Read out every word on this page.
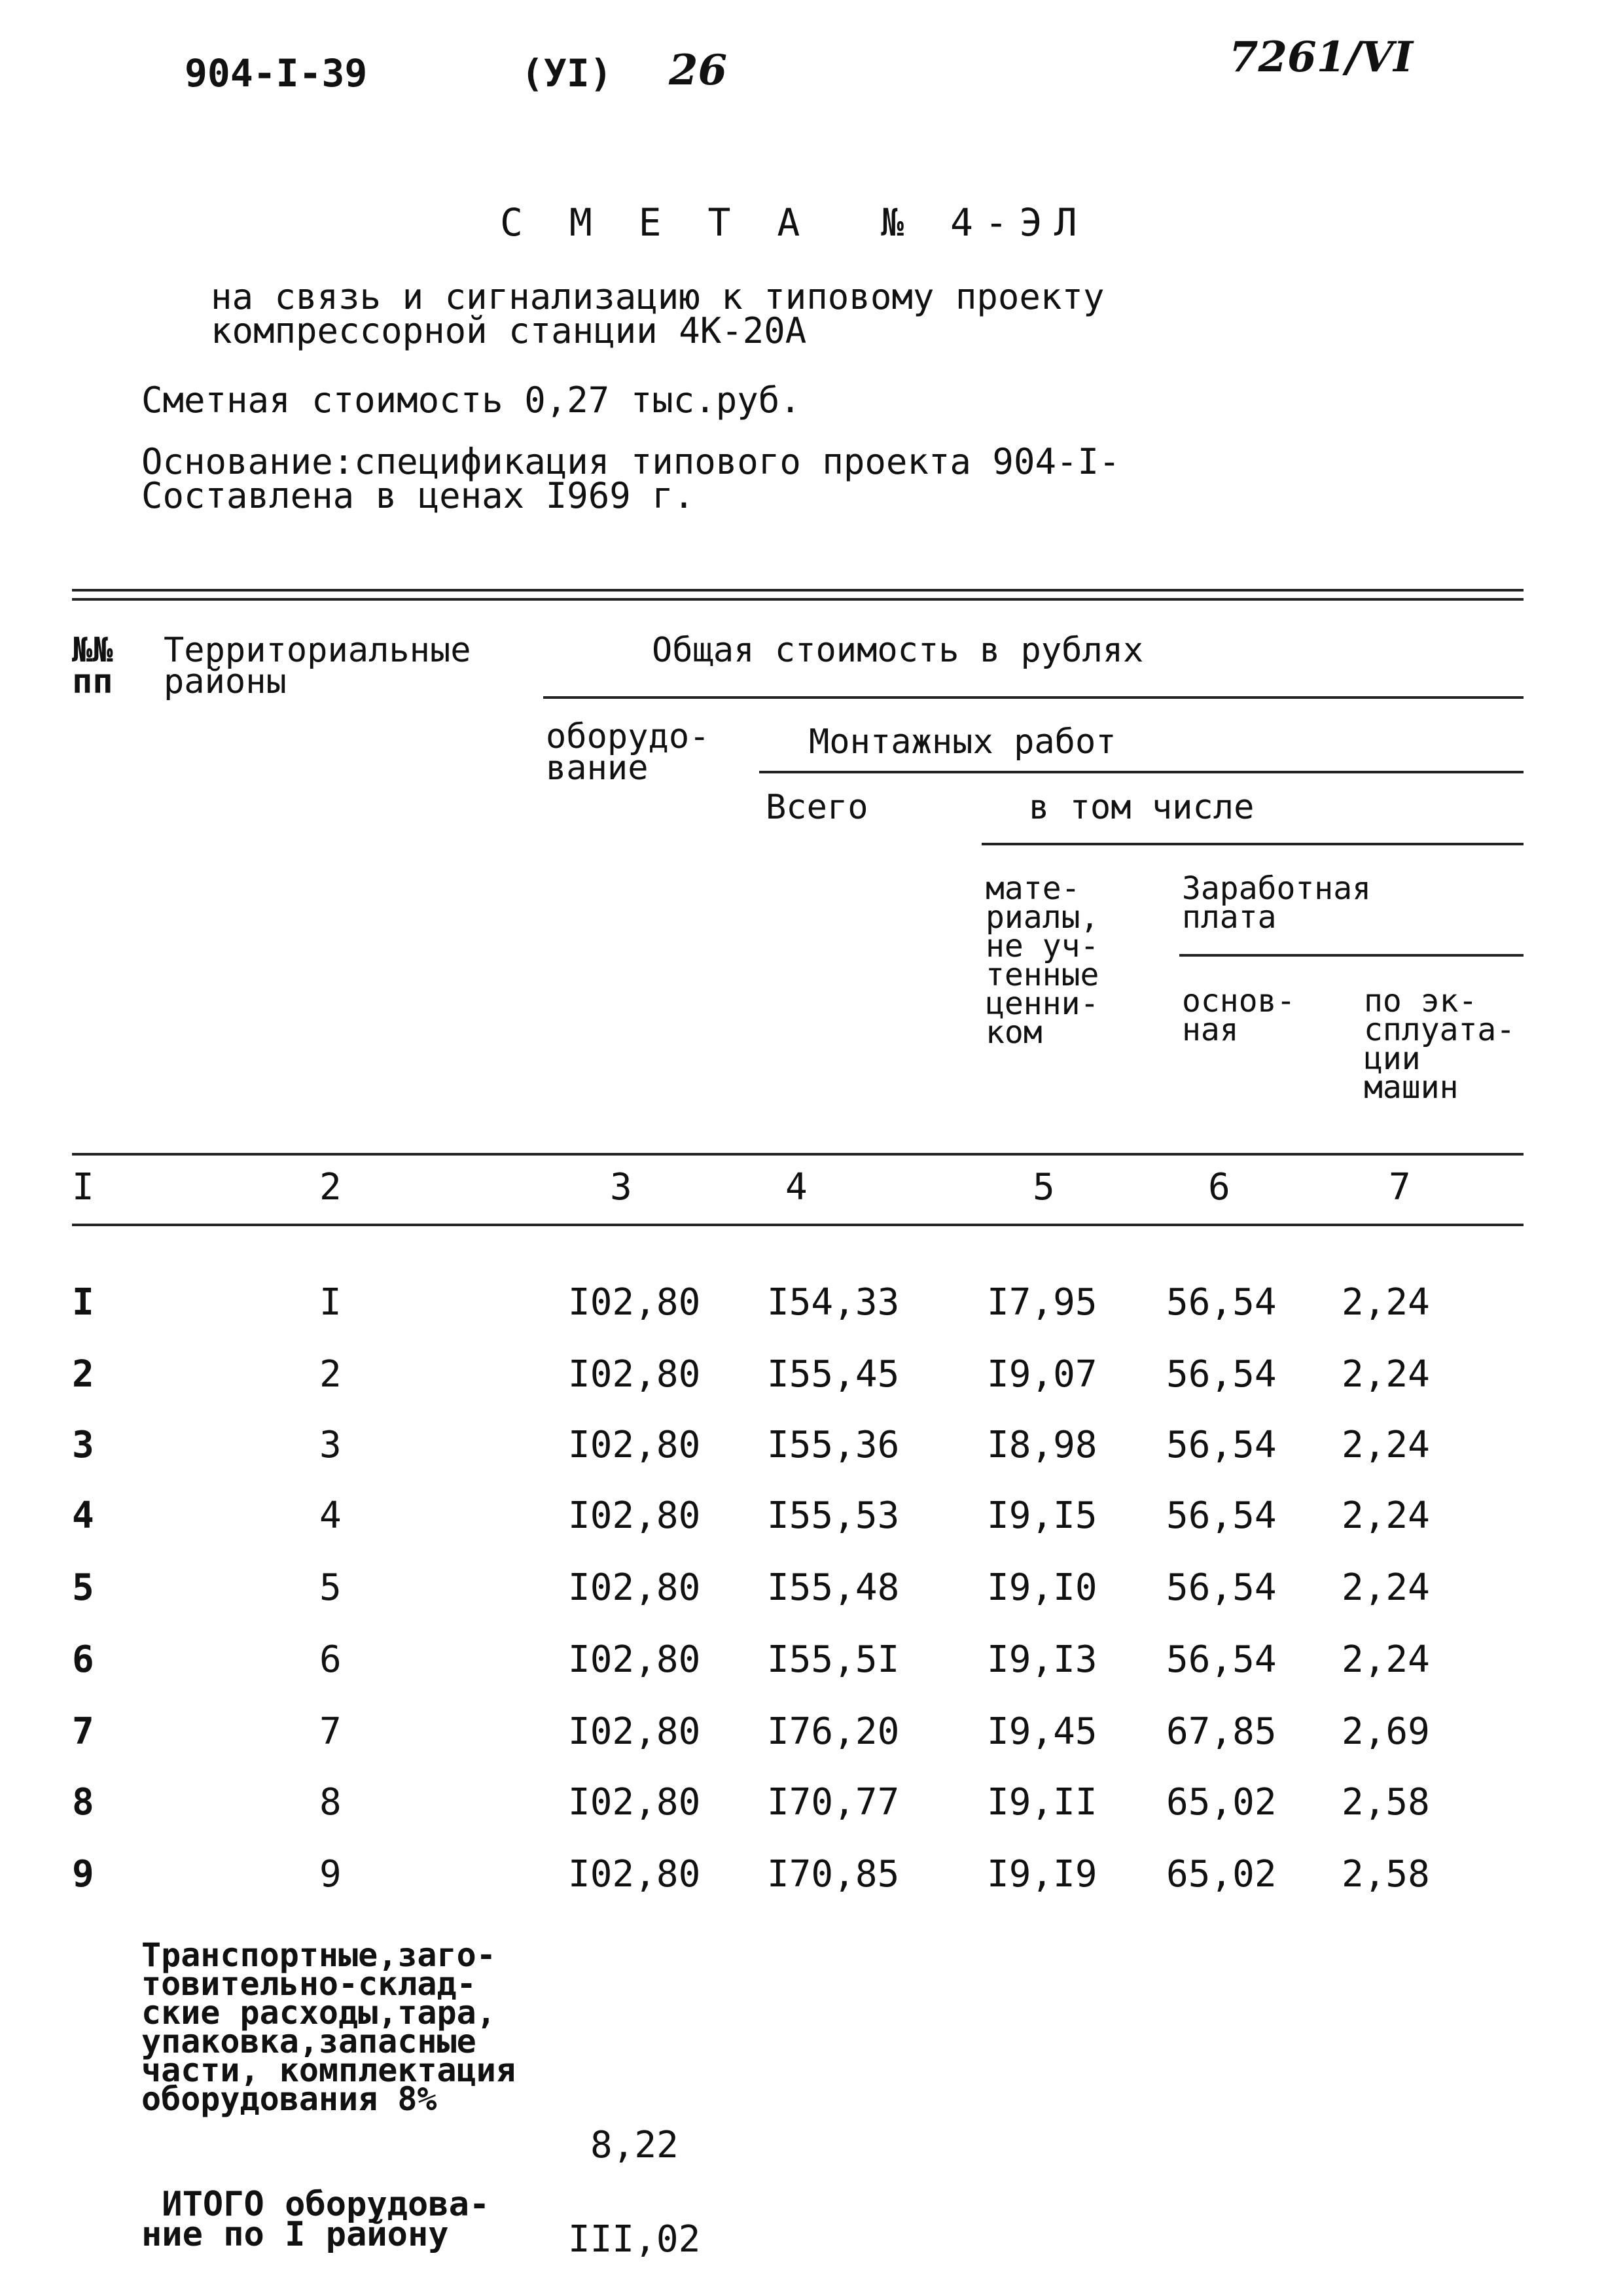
904-I-39	(УI) 26	7261/VI
С М Е Т А  № 4-ЭЛ
на связь и сигнализацию к типовому проекту
компрессорной станции 4К-20А
Сметная стоимость 0,27 тыс.руб.
Основание:спецификация типового проекта 904-I-
Составлена в ценах I969 г.
№№
пп
Территориальные
районы
Общая стоимость в рублях
оборудо-
вание
Монтажных работ
Всего	в том числе
мате-
риалы,
не уч-
тенные
ценни-
ком
Заработная
плата
основ-
ная
по эк-
сплуата-
ции
машин
I	2	3	4	5	6	7
I	I	I02,80 I54,33 I7,95 56,54 2,24
2	2	I02,80 I55,45 I9,07 56,54 2,24
3	3	I02,80 I55,36 I8,98 56,54 2,24
4	4	I02,80 I55,53 I9,I5 56,54 2,24
5	5	I02,80 I55,48 I9,I0 56,54 2,24
6	6	I02,80 I55,5I I9,I3 56,54 2,24
7	7	I02,80 I76,20 I9,45 67,85 2,69
8	8	I02,80 I70,77 I9,II 65,02 2,58
9	9	I02,80 I70,85 I9,I9 65,02 2,58
Транспортные,заго-
товительно-склад-
ские расходы,тара,
упаковка,запасные
части, комплектация
оборудования 8%
8,22
ИТОГО оборудова-
ние по I району	III,02
